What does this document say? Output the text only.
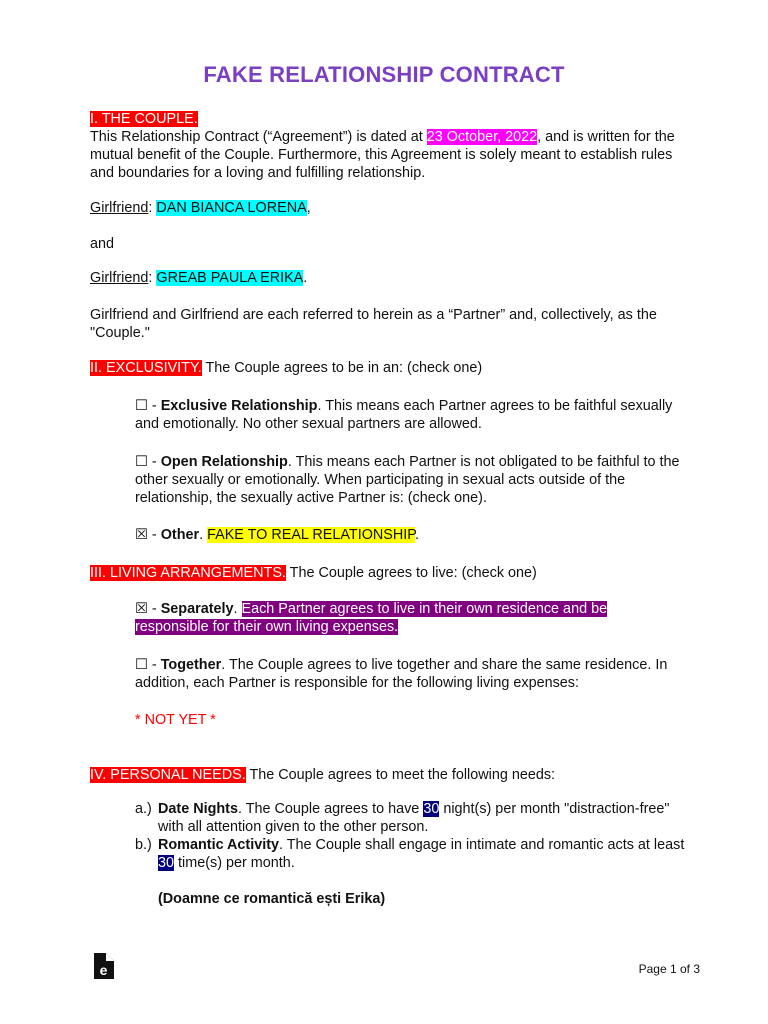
FAKE RELATIONSHIP CONTRACT

I. THE COUPLE.

This Relationship Contract (“Agreement”) is dated at 23 October, 2022, and is written for the mutual benefit of the Couple. Furthermore, this Agreement is solely meant to establish rules and boundaries for a loving and fulfilling relationship.

Girlfriend: DAN BIANCA LORENA,

and

Girlfriend: GREAB PAULA ERIKA.

Girlfriend and Girlfriend are each referred to herein as a “Partner” and, collectively, as the "Couple."

II. EXCLUSIVITY. The Couple agrees to be in an: (check one)

☐ - Exclusive Relationship. This means each Partner agrees to be faithful sexually and emotionally. No other sexual partners are allowed.

☐ - Open Relationship. This means each Partner is not obligated to be faithful to the other sexually or emotionally. When participating in sexual acts outside of the relationship, the sexually active Partner is: (check one).

☒ - Other. FAKE TO REAL RELATIONSHIP.

III. LIVING ARRANGEMENTS. The Couple agrees to live: (check one)

☒ - Separately. Each Partner agrees to live in their own residence and be responsible for their own living expenses.

☐ - Together. The Couple agrees to live together and share the same residence. In addition, each Partner is responsible for the following living expenses:

* NOT YET *

IV. PERSONAL NEEDS. The Couple agrees to meet the following needs:

a.) Date Nights. The Couple agrees to have 30 night(s) per month "distraction-free" with all attention given to the other person.

b.) Romantic Activity. The Couple shall engage in intimate and romantic acts at least 30 time(s) per month.

(Doamne ce romantică ești Erika)

e	Page 1 of 3
